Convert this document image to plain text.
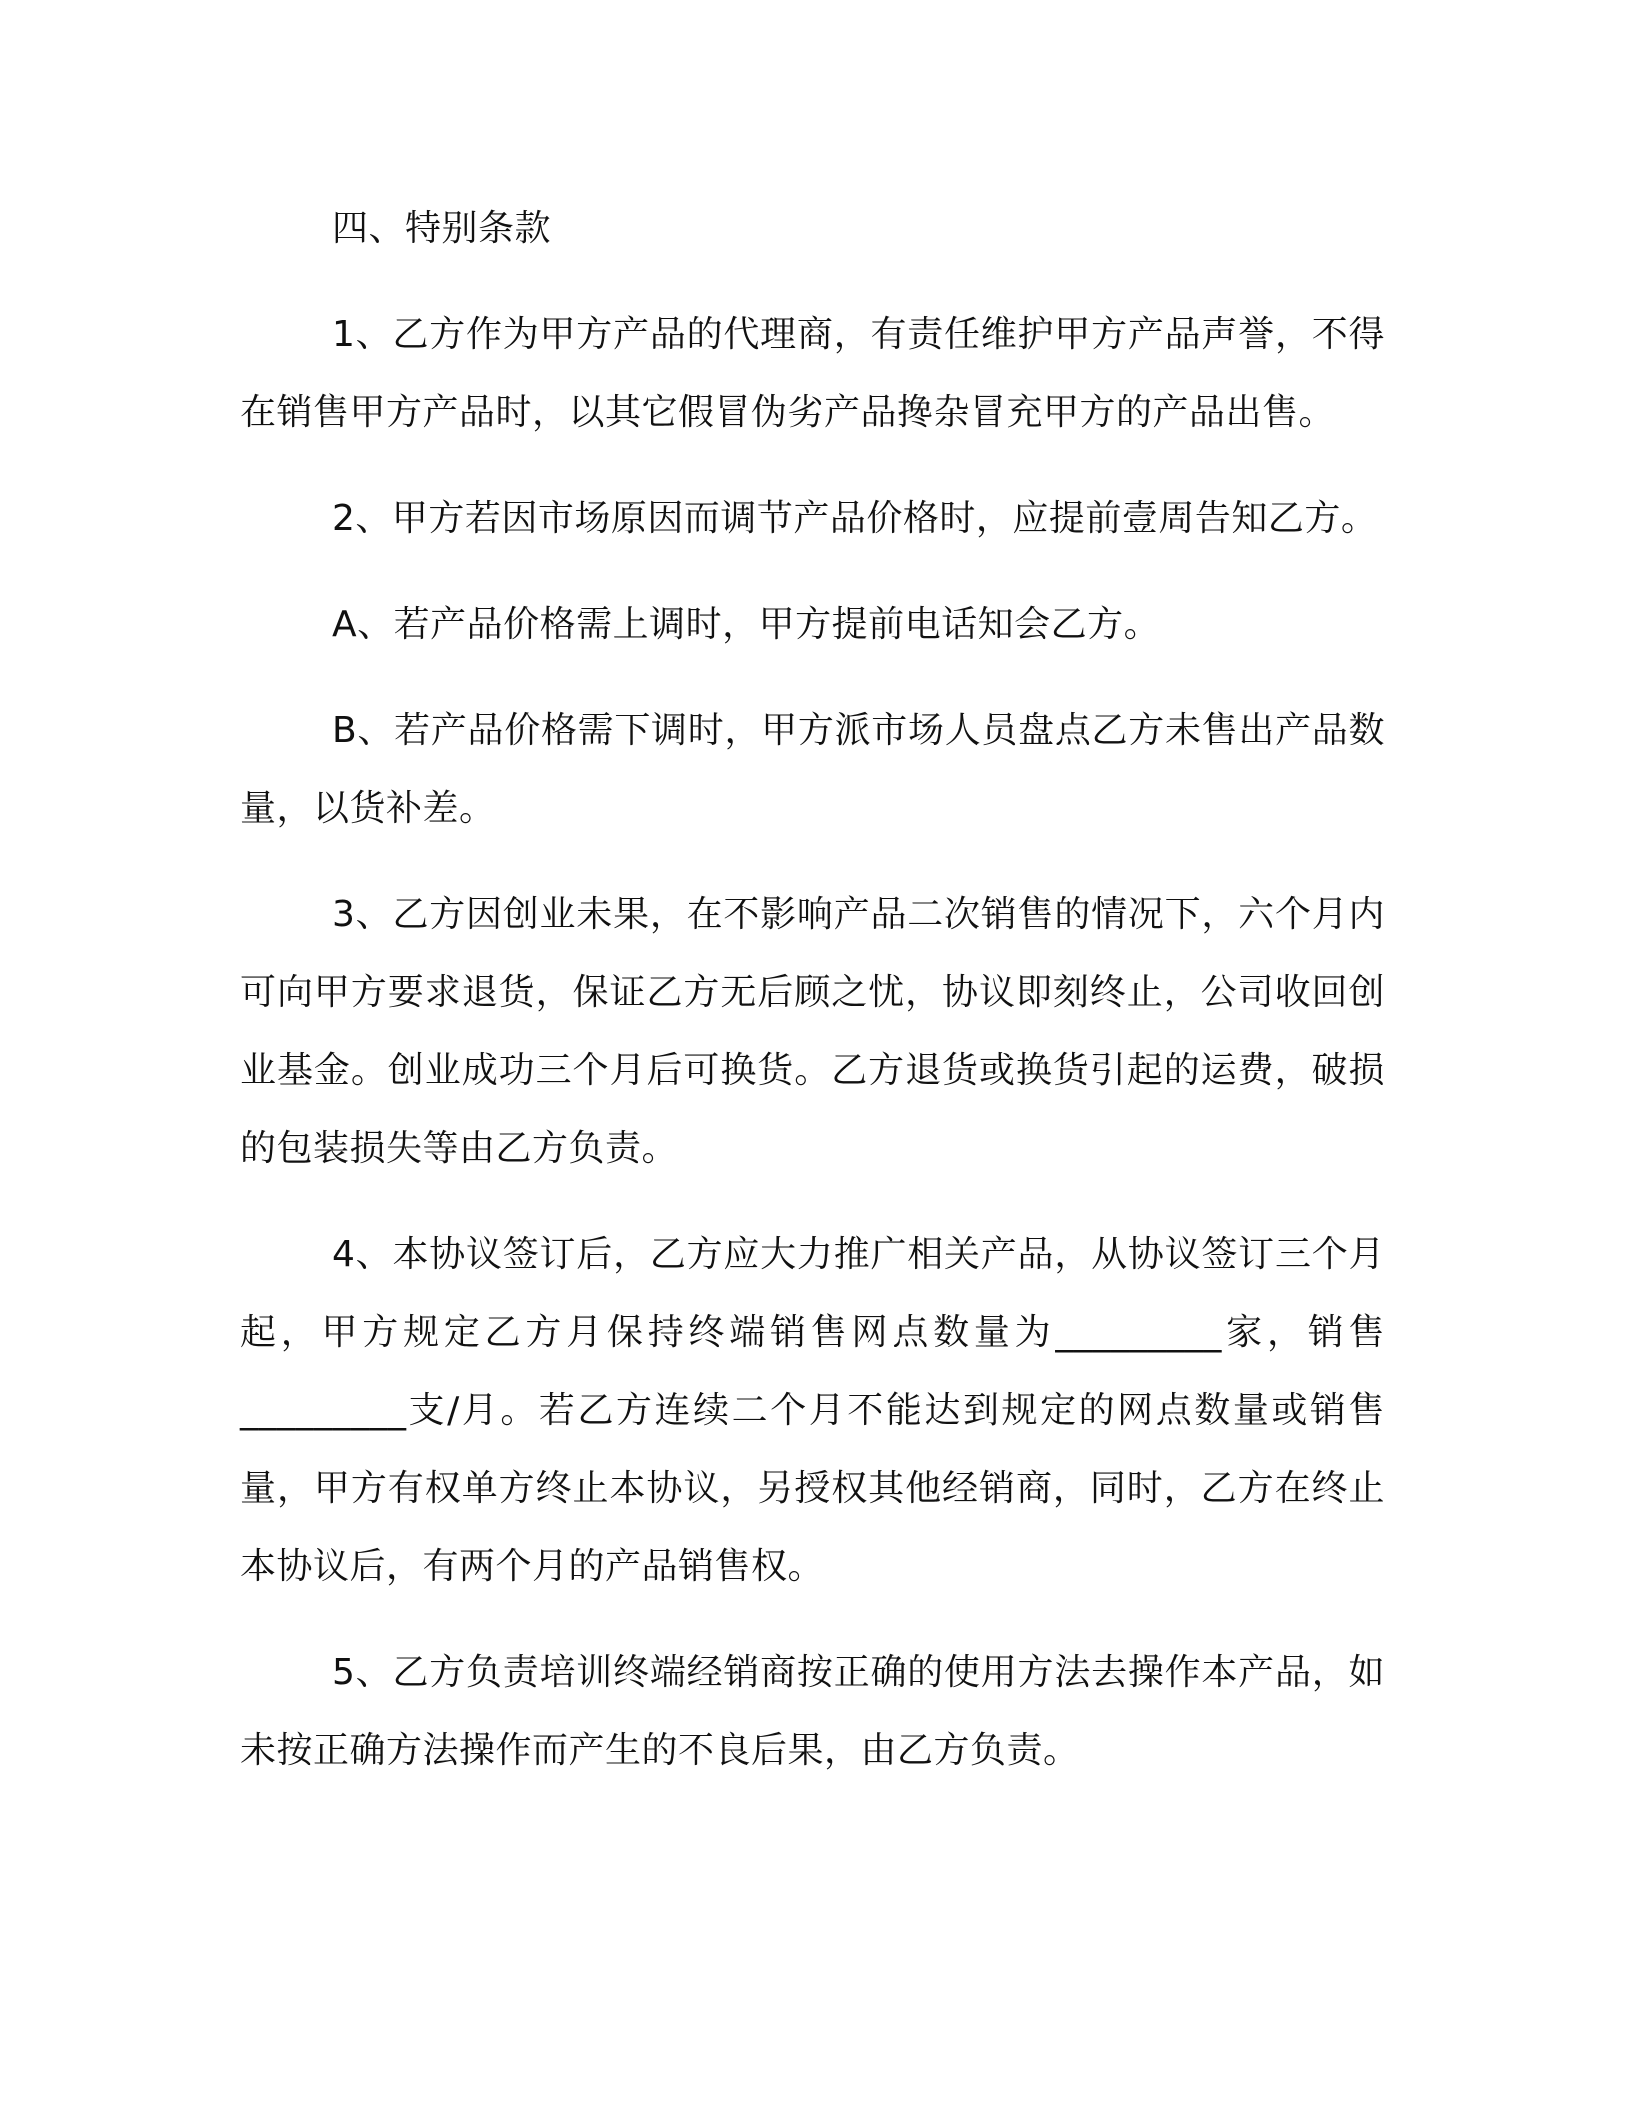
四、特别条款

1、乙方作为甲方产品的代理商，有责任维护甲方产品声誉，不得在销售甲方产品时，以其它假冒伪劣产品搀杂冒充甲方的产品出售。

2、甲方若因市场原因而调节产品价格时，应提前壹周告知乙方。

A、若产品价格需上调时，甲方提前电话知会乙方。

B、若产品价格需下调时，甲方派市场人员盘点乙方未售出产品数量，以货补差。

3、乙方因创业未果，在不影响产品二次销售的情况下，六个月内可向甲方要求退货，保证乙方无后顾之忧，协议即刻终止，公司收回创业基金。创业成功三个月后可换货。乙方退货或换货引起的运费，破损的包装损失等由乙方负责。

4、本协议签订后，乙方应大力推广相关产品，从协议签订三个月起，甲方规定乙方月保持终端销售网点数量为_________家，销售_________支/月。若乙方连续二个月不能达到规定的网点数量或销售量，甲方有权单方终止本协议，另授权其他经销商，同时，乙方在终止本协议后，有两个月的产品销售权。

5、乙方负责培训终端经销商按正确的使用方法去操作本产品，如未按正确方法操作而产生的不良后果，由乙方负责。
